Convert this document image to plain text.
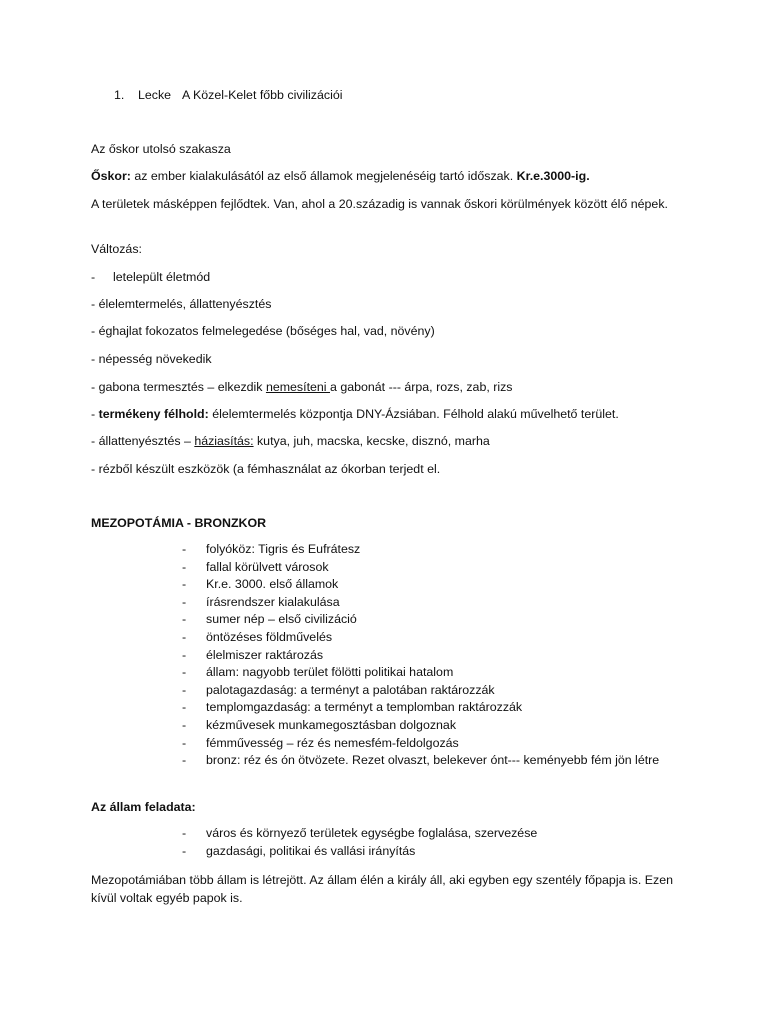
1. Lecke A Közel-Kelet főbb civilizációi
Az őskor utolsó szakasza
Őskor: az ember kialakulásától az első államok megjelenéséig tartó időszak. Kr.e.3000-ig.
A területek másképpen fejlődtek. Van, ahol a 20.századig is vannak őskori körülmények között élő népek.
Változás:
- letelepült életmód
- élelemtermelés, állattenyésztés
- éghajlat fokozatos felmelegedése (bőséges hal, vad, növény)
- népesség növekedik
- gabona termesztés – elkezdik nemesíteni a gabonát --- árpa, rozs, zab, rizs
- termékeny félhold: élelemtermelés központja DNY-Ázsiában. Félhold alakú művelhető terület.
- állattenyésztés – háziasítás: kutya, juh, macska, kecske, disznó, marha
- rézből készült eszközök (a fémhasználat az ókorban terjedt el.
MEZOPOTÁMIA - BRONZKOR
- folyóköz: Tigris és Eufrátesz
- fallal körülvett városok
- Kr.e. 3000. első államok
- írásrendszer kialakulása
- sumer nép – első civilizáció
- öntözéses földművelés
- élelmiszer raktározás
- állam: nagyobb terület fölötti politikai hatalom
- palotagazdaság: a terményt a palotában raktározzák
- templomgazdaság: a terményt a templomban raktározzák
- kézművesek munkamegosztásban dolgoznak
- fémművesség – réz és nemesfém-feldolgozás
- bronz: réz és ón ötvözete. Rezet olvaszt, belekever ónt--- keményebb fém jön létre
Az állam feladata:
- város és környező területek egységbe foglalása, szervezése
- gazdasági, politikai és vallási irányítás
Mezopotámiában több állam is létrejött. Az állam élén a király áll, aki egyben egy szentély főpapja is. Ezen kívül voltak egyéb papok is.
